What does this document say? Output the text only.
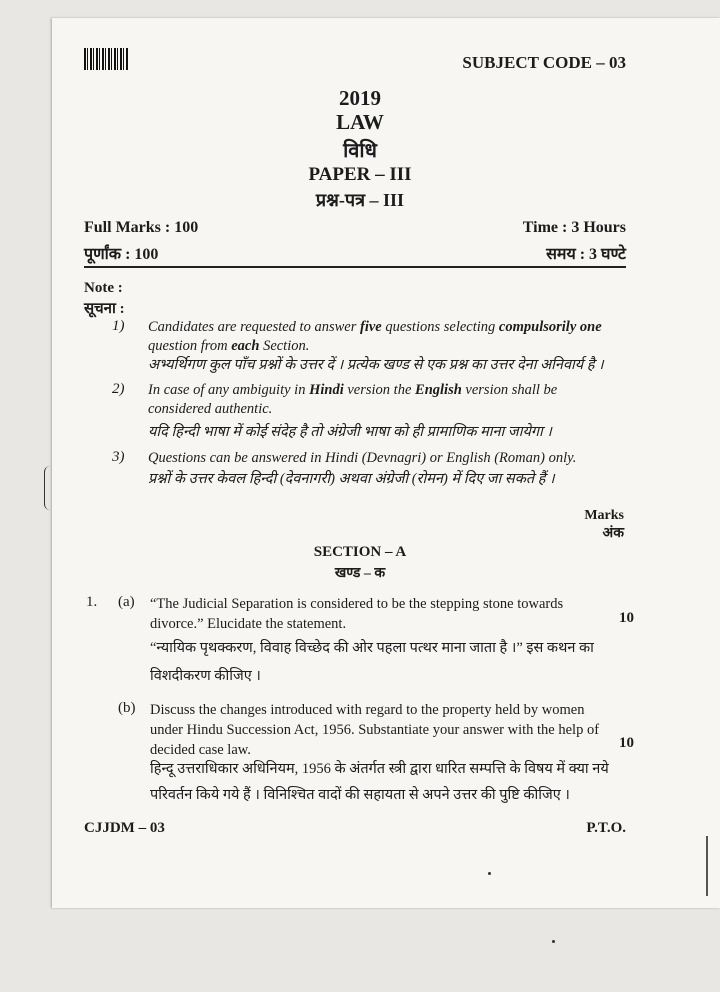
SUBJECT CODE – 03
2019
LAW
विधि
PAPER – III
प्रश्न-पत्र – III
Full Marks : 100
पूर्णांक : 100
Time : 3 Hours
समय : 3 घण्टे
Note :
सूचना :
1) Candidates are requested to answer five questions selecting compulsorily one question from each Section.
अभ्यर्थिगण कुल पाँच प्रश्नों के उत्तर दें । प्रत्येक खण्ड से एक प्रश्न का उत्तर देना अनिवार्य है ।
2) In case of any ambiguity in Hindi version the English version shall be considered authentic.
यदि हिन्दी भाषा में कोई संदेह है तो अंग्रेजी भाषा को ही प्रामाणिक माना जायेगा ।
3) Questions can be answered in Hindi (Devnagri) or English (Roman) only.
प्रश्नों के उत्तर केवल हिन्दी (देवनागरी) अथवा अंग्रेजी (रोमन) में दिए जा सकते हैं ।
Marks
अंक
SECTION – A
खण्ड – क
1. (a) “The Judicial Separation is considered to be the stepping stone towards divorce.” Elucidate the statement.	10
“न्यायिक पृथक्करण, विवाह विच्छेद की ओर पहला पत्थर माना जाता है ।” इस कथन का विशदीकरण कीजिए ।
(b) Discuss the changes introduced with regard to the property held by women under Hindu Succession Act, 1956. Substantiate your answer with the help of decided case law.	10
हिन्दू उत्तराधिकार अधिनियम, 1956 के अंतर्गत स्त्री द्वारा धारित सम्पत्ति के विषय में क्या नये परिवर्तन किये गये हैं । विनिश्चित वादों की सहायता से अपने उत्तर की पुष्टि कीजिए ।
CJJDM – 03	P.T.O.
